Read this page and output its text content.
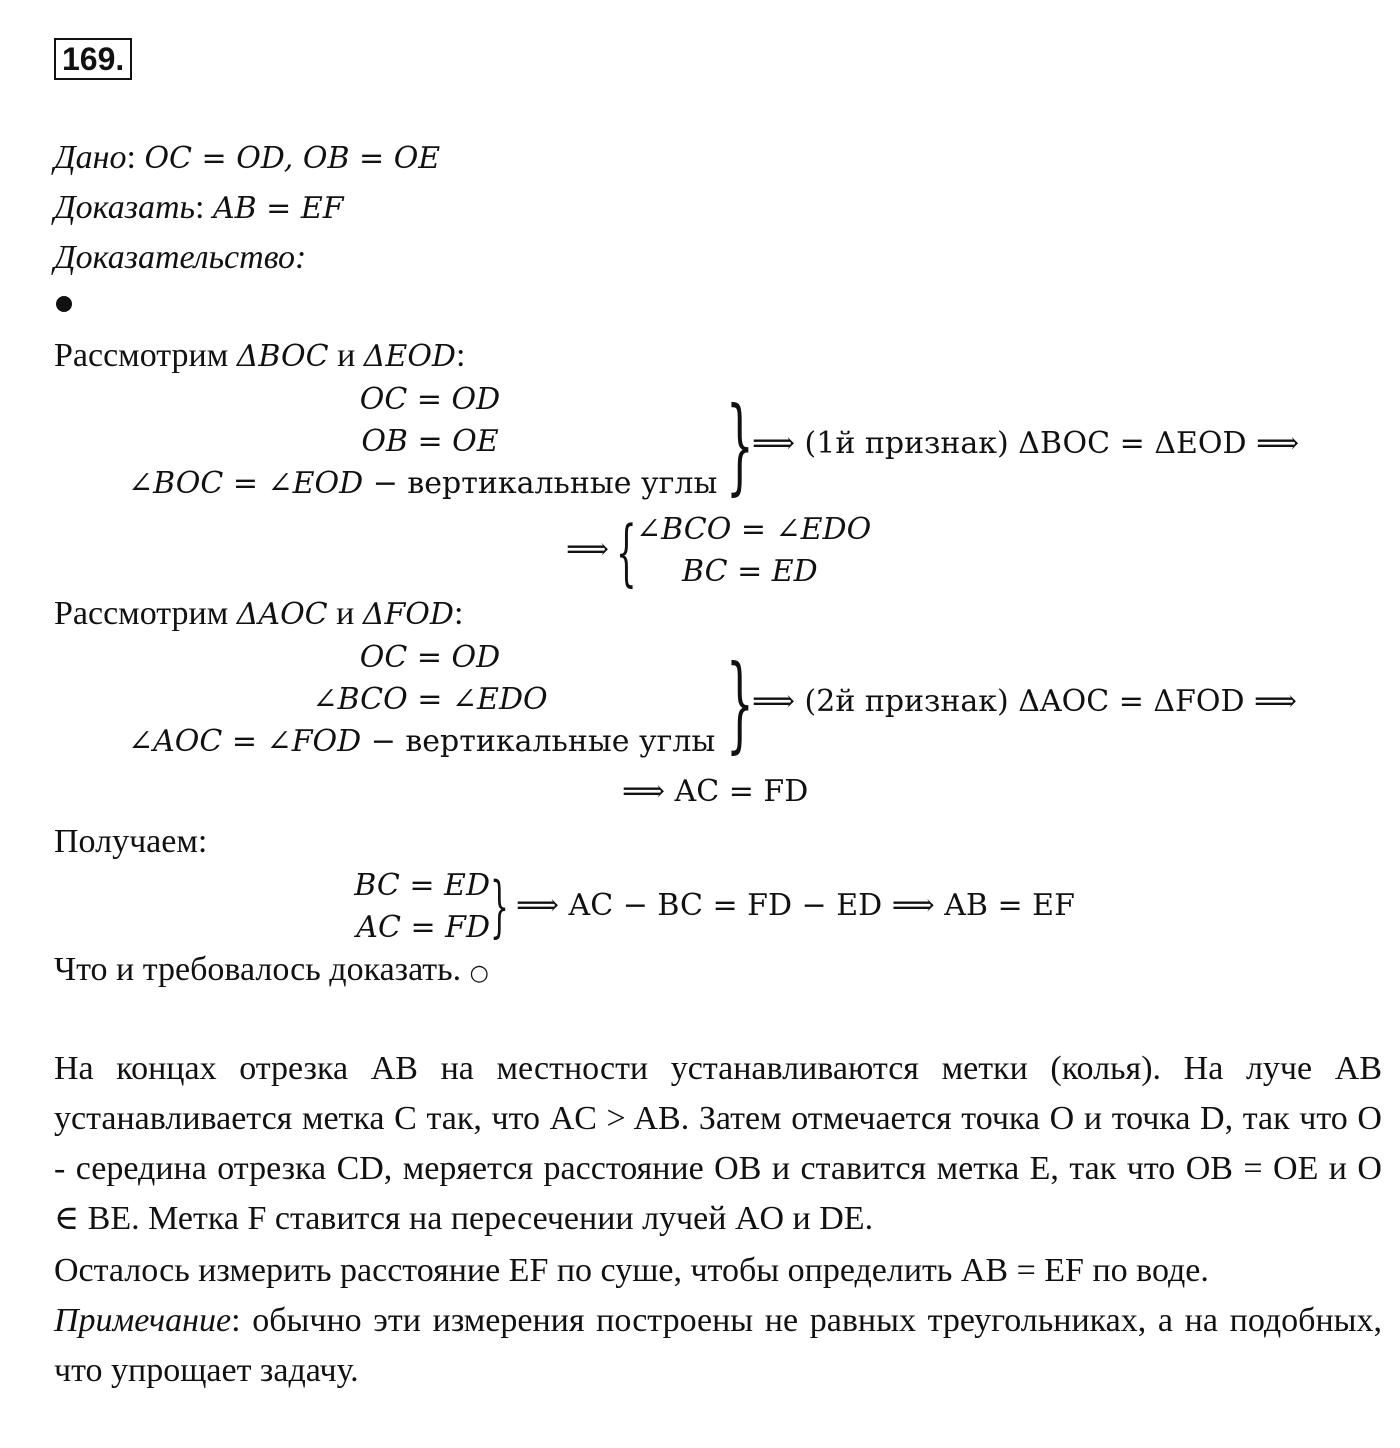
169.
Дано: OC = OD, OB = OE
Доказать: AB = EF
Доказательство:
Рассмотрим ΔBOC и ΔEOD:
OC = OD
OB = OE
∠BOC = ∠EOD − вертикальные углы }
⟹ (1й признак) ΔBOC = ΔEOD ⟹
⟹ { ∠BCO = ∠EDO
BC = ED
Рассмотрим ΔAOC и ΔFOD:
OC = OD
∠BCO = ∠EDO
∠AOC = ∠FOD − вертикальные углы }
⟹ (2й признак) ΔAOC = ΔFOD ⟹
⟹ AC = FD
Получаем:
BC = ED
AC = FD } ⟹ AC − BC = FD − ED ⟹ AB = EF
Что и требовалось доказать. ○
На концах отрезка AB на местности устанавливаются метки (колья). На луче AB устанавливается метка C так, что AC > AB. Затем отмечается точка O и точка D, так что O - середина отрезка CD, меряется расстояние OB и ставится метка E, так что OB = OE и O ∈ BE. Метка F ставится на пересечении лучей AO и DE.
Осталось измерить расстояние EF по суше, чтобы определить AB = EF по воде.
Примечание: обычно эти измерения построены не равных треугольниках, а на подобных, что упрощает задачу.
